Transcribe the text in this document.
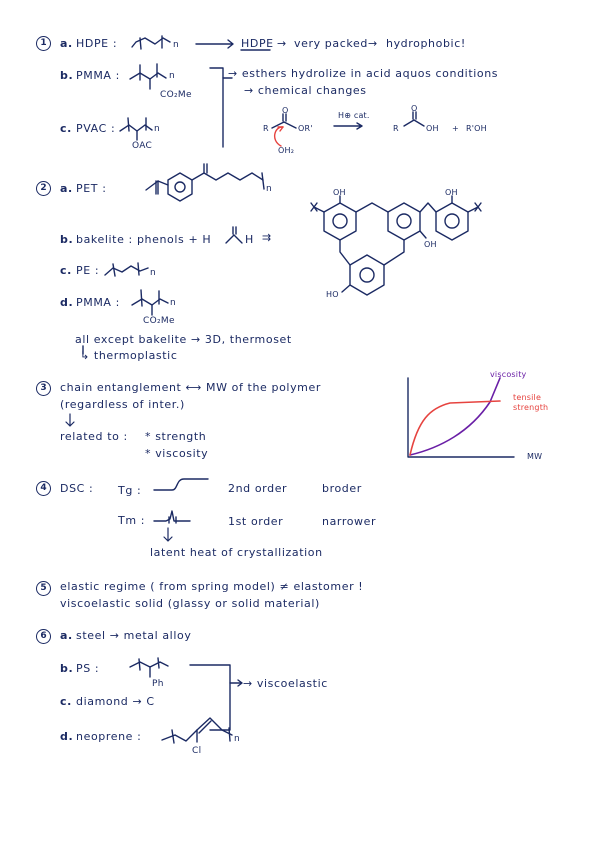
1	a. HDPE :	n	HDPE → very packed → hydrophobic!
b. PMMA :	n
CO₂Me
c. PVAC :	n
OAC
→ esthers hydrolize in acid aquos conditions
→ chemical changes
H⊕ cat.
R
O
OR'
OH₂
R
O
OH + R'OH
2	a. PET :	n
b. bakelite : phenols + H	H ⇉
c. PE :	n
d. PMMA :	n
CO₂Me
OH	OH
OH
HO
all except bakelite → 3D, thermoset
↳ thermoplastic
3	chain entanglement ⟷ MW of the polymer
(regardless of inter.)
related to : * strength
* viscosity
viscosity
tensile
strength
MW
4	DSC : Tg :	2nd order	broder
Tm :	1st order	narrower
latent heat of crystallization
5	elastic regime ( from spring model) ≠ elastomer !
viscoelastic solid (glassy or solid material)
6	a. steel → metal alloy
b. PS :
Ph
c. diamond → C
→ viscoelastic
d. neoprene :	n
Cl
